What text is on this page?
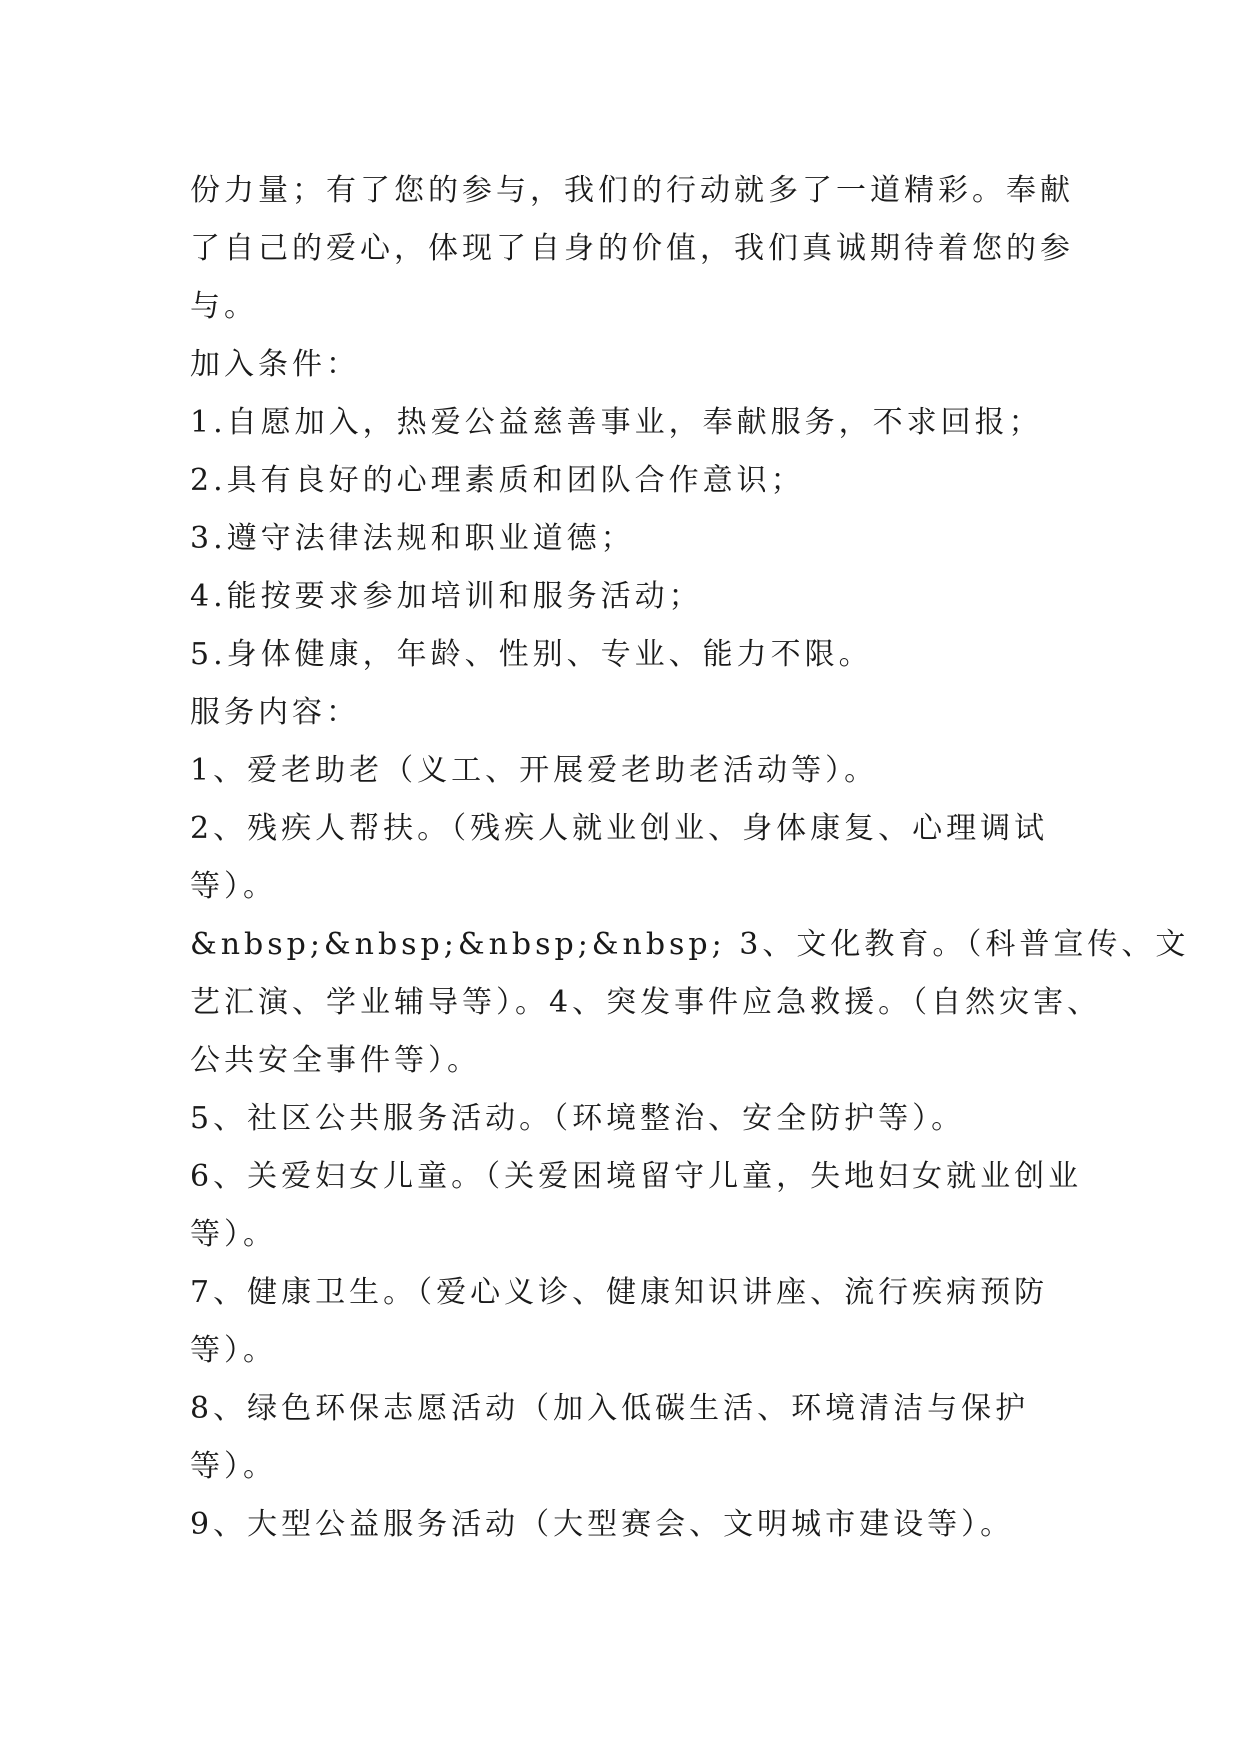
份力量；有了您的参与，我们的行动就多了一道精彩。奉献
了自己的爱心，体现了自身的价值，我们真诚期待着您的参
与。
加入条件：
1.自愿加入，热爱公益慈善事业，奉献服务，不求回报；
2.具有良好的心理素质和团队合作意识；
3.遵守法律法规和职业道德；
4.能按要求参加培训和服务活动；
5.身体健康，年龄、性别、专业、能力不限。
服务内容：
1、爱老助老（义工、开展爱老助老活动等）。
2、残疾人帮扶。（残疾人就业创业、身体康复、心理调试
等）。
&nbsp;&nbsp;&nbsp;&nbsp; 3、文化教育。（科普宣传、文
艺汇演、学业辅导等）。4、突发事件应急救援。（自然灾害、
公共安全事件等）。
5、社区公共服务活动。（环境整治、安全防护等）。
6、关爱妇女儿童。（关爱困境留守儿童，失地妇女就业创业
等）。
7、健康卫生。（爱心义诊、健康知识讲座、流行疾病预防
等）。
8、绿色环保志愿活动（加入低碳生活、环境清洁与保护
等）。
9、大型公益服务活动（大型赛会、文明城市建设等）。
